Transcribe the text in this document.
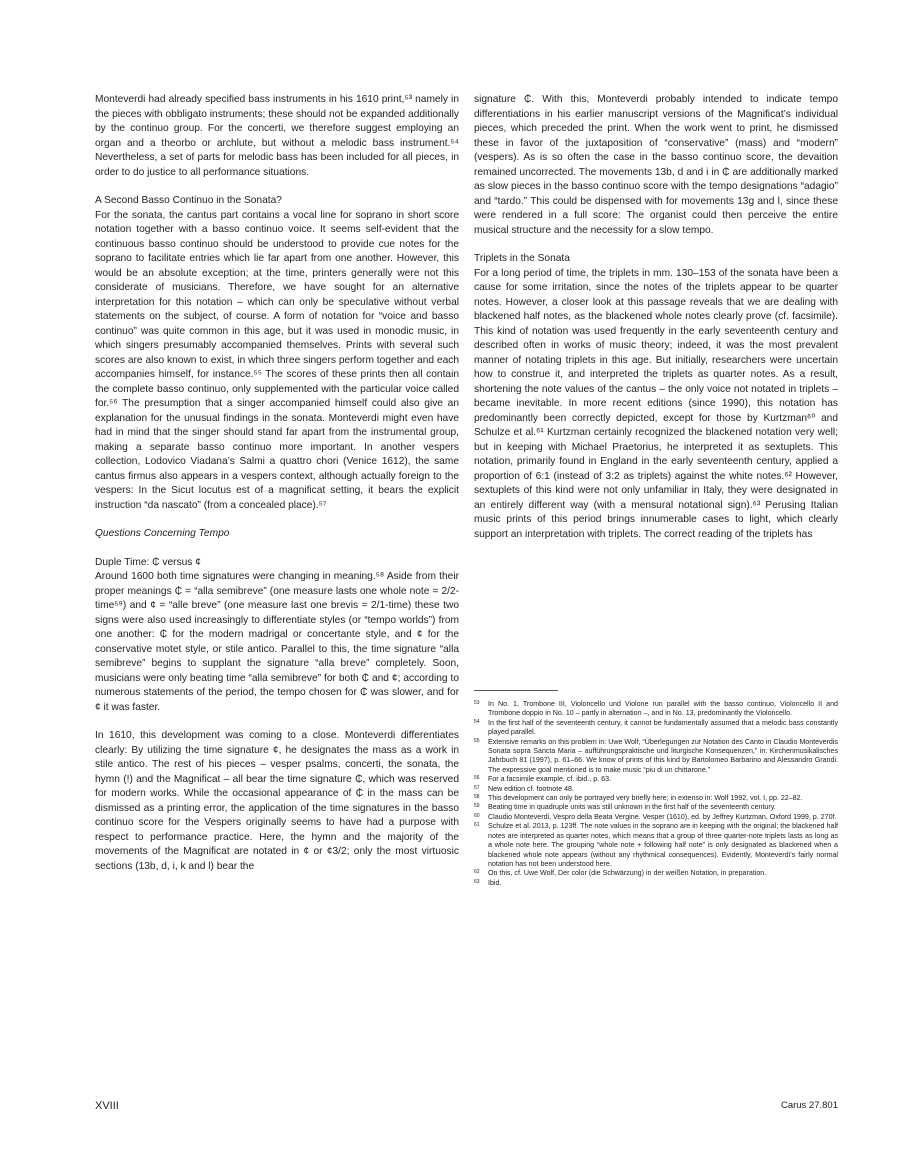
Monteverdi had already specified bass instruments in his 1610 print,⁵³ namely in the pieces with obbligato instruments; these should not be expanded additionally by the continuo group. For the concerti, we therefore suggest employing an organ and a theorbo or archlute, but without a melodic bass instrument.⁵⁴ Nevertheless, a set of parts for melodic bass has been included for all pieces, in order to do justice to all performance situations.

A Second Basso Continuo in the Sonata?

For the sonata, the cantus part contains a vocal line for soprano in short score notation together with a basso continuo voice. It seems self-evident that the continuous basso continuo should be understood to provide cue notes for the soprano to facilitate entries which lie far apart from one another. However, this would be an absolute exception; at the time, printers generally were not this considerate of musicians. Therefore, we have sought for an alternative interpretation for this notation – which can only be speculative without verbal statements on the subject, of course. A form of notation for “voice and basso continuo” was quite common in this age, but it was used in monodic music, in which singers presumably accompanied themselves. Prints with several such scores are also known to exist, in which three singers perform together and each accompanies himself, for instance.⁵⁵ The scores of these prints then all contain the complete basso continuo, only supplemented with the particular voice called for.⁵⁶ The presumption that a singer accompanied himself could also give an explanation for the unusual findings in the sonata. Monteverdi might even have had in mind that the singer should stand far apart from the instrumental group, making a separate basso continuo more important. In another vespers collection, Lodovico Viadana’s Salmi a quattro chori (Venice 1612), the same cantus firmus also appears in a vespers context, although actually foreign to the vespers: In the Sicut locutus est of a magnificat setting, it bears the explicit instruction “da nascato” (from a concealed place).⁵⁷

Questions Concerning Tempo

Duple Time: ₵ versus ¢

Around 1600 both time signatures were changing in meaning.⁵⁸ Aside from their proper meanings ₵ = “alla semibreve” (one measure lasts one whole note = 2/2-time⁵⁹) and ¢ = “alle breve” (one measure last one brevis = 2/1-time) these two signs were also used increasingly to differentiate styles (or “tempo worlds”) from one another: ₵ for the modern madrigal or concertante style, and ¢ for the conservative motet style, or stile antico. Parallel to this, the time signature “alla semibreve” begins to supplant the signature “alla breve” completely. Soon, musicians were only beating time “alla semibreve” for both ₵ and ¢; according to numerous statements of the period, the tempo chosen for ₵ was slower, and for ¢ it was faster.

In 1610, this development was coming to a close. Monteverdi differentiates clearly: By utilizing the time signature ¢, he designates the mass as a work in stile antico. The rest of his pieces – vesper psalms, concerti, the sonata, the hymn (!) and the Magnificat – all bear the time signature ₵, which was reserved for modern works. While the occasional appearance of ₵ in the mass can be dismissed as a printing error, the application of the time signatures in the basso continuo score for the Vespers originally seems to have had a purpose with respect to performance practice. Here, the hymn and the majority of the movements of the Magnificat are notated in ¢ or ¢3/2; only the most virtuosic sections (13b, d, i, k and l) bear the

signature ₵. With this, Monteverdi probably intended to indicate tempo differentiations in his earlier manuscript versions of the Magnificat’s individual pieces, which preceded the print. When the work went to print, he dismissed these in favor of the juxtaposition of “conservative” (mass) and “modern” (vespers). As is so often the case in the basso continuo score, the devaition remained uncorrected. The movements 13b, d and i in ₵ are additionally marked as slow pieces in the basso continuo score with the tempo designations “adagio” and “tardo.” This could be dispensed with for movements 13g and l, since these were rendered in a full score: The organist could then perceive the entire musical structure and the necessity for a slow tempo.

Triplets in the Sonata

For a long period of time, the triplets in mm. 130–153 of the sonata have been a cause for some irritation, since the notes of the triplets appear to be quarter notes. However, a closer look at this passage reveals that we are dealing with blackened half notes, as the blackened whole notes clearly prove (cf. facsimile). This kind of notation was used frequently in the early seventeenth century and described often in works of music theory; indeed, it was the most prevalent manner of notating triplets in this age. But initially, researchers were uncertain how to construe it, and interpreted the triplets as quarter notes. As a result, shortening the note values of the cantus – the only voice not notated in triplets – became inevitable. In more recent editions (since 1990), this notation has predominantly been correctly depicted, except for those by Kurtzman⁶⁰ and Schulze et al.⁶¹ Kurtzman certainly recognized the blackened notation very well; but in keeping with Michael Praetorius, he interpreted it as sextuplets. This notation, primarily found in England in the early seventeenth century, applied a proportion of 6:1 (instead of 3:2 as triplets) against the white notes.⁶² However, sextuplets of this kind were not only unfamiliar in Italy, they were designated in an entirely different way (with a mensural notational sign).⁶³ Perusing Italian music prints of this period brings innumerable cases to light, which clearly support an interpretation with triplets. The correct reading of the triplets has

53	In No. 1, Trombone III, Violoncello und Violone run parallel with the basso continuo, Violoncello II and Trombone doppio in No. 10 – partly in alternation –, and in No. 13, predominantly the Violoncello.
54	In the first half of the seventeenth century, it cannot be fundamentally assumed that a melodic bass constantly played parallel.
55	Extensive remarks on this problem in: Uwe Wolf, “Überlegungen zur Notation des Canto in Claudio Monteverdis Sonata sopra Sancta Maria – aufführungspraktische und liturgische Konsequenzen,” in: Kirchenmusikalisches Jahrbuch 81 (1997), p. 61–66. We know of prints of this kind by Bartolomeo Barbarino and Alessandro Grandi. The expressive goal mentioned is to make music “piu di un chittarone.”
56	For a facsimile example, cf. ibid., p. 63.
57	New edition cf. footnote 48.
58	This development can only be portrayed very briefly here; in extenso in: Wolf 1992, vol. I, pp. 22–82.
59	Beating time in quadruple units was still unknown in the first half of the seventeenth century.
60	Claudio Monteverdi, Vespro della Beata Vergine. Vesper (1610), ed. by Jeffrey Kurtzman, Oxford 1999, p. 270f.
61	Schulze et al. 2013, p. 123ff. The note values in the soprano are in keeping with the original; the blackened half notes are interpreted as quarter notes, which means that a group of three quarter-note triplets lasts as long as a whole note here. The grouping “whole note + following half note” is only designated as blackened when a blackened whole note appears (without any rhythmical consequences). Evidently, Monteverdi’s fairly normal notation has not been understood here.
62	On this, cf. Uwe Wolf, Der color (die Schwärzung) in der weißen Notation, in preparation.
63	Ibid.
XVIII	Carus 27.801
